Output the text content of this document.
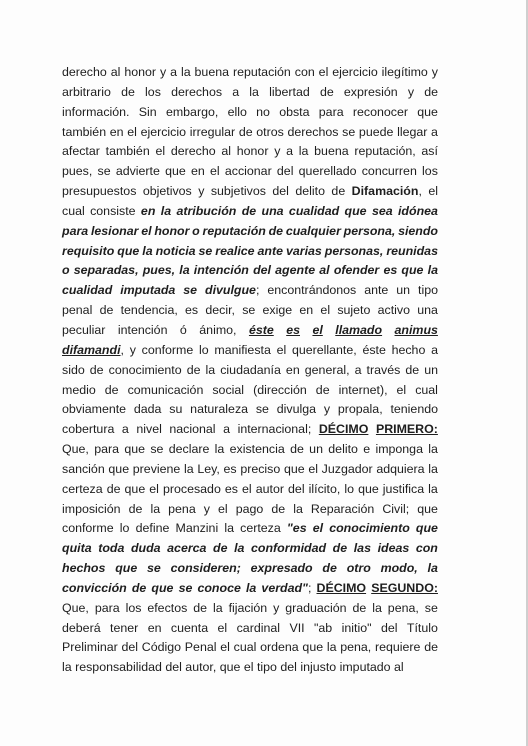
derecho al honor y a la buena reputación con el ejercicio ilegítimo y
arbitrario de los derechos a la libertad de expresión y de
información. Sin embargo, ello no obsta para reconocer que
también en el ejercicio irregular de otros derechos se puede llegar a
afectar también el derecho al honor y a la buena reputación, así
pues, se advierte que en el accionar del querellado concurren los
presupuestos objetivos y subjetivos del delito de Difamación, el
cual consiste en la atribución de una cualidad que sea idónea
para lesionar el honor o reputación de cualquier persona, siendo
requisito que la noticia se realice ante varias personas, reunidas
o separadas, pues, la intención del agente al ofender es que la
cualidad imputada se divulgue; encontrándonos ante un tipo
penal de tendencia, es decir, se exige en el sujeto activo una
peculiar intención ó ánimo, éste es el llamado animus
difamandi, y conforme lo manifiesta el querellante, éste hecho a
sido de conocimiento de la ciudadanía en general, a través de un
medio de comunicación social (dirección de internet), el cual
obviamente dada su naturaleza se divulga y propala, teniendo
cobertura a nivel nacional a internacional; DÉCIMO PRIMERO:
Que, para que se declare la existencia de un delito e imponga la
sanción que previene la Ley, es preciso que el Juzgador adquiera la
certeza de que el procesado es el autor del ilícito, lo que justifica la
imposición de la pena y el pago de la Reparación Civil; que
conforme lo define Manzini la certeza "es el conocimiento que
quita toda duda acerca de la conformidad de las ideas con
hechos que se consideren; expresado de otro modo, la
convicción de que se conoce la verdad"; DÉCIMO SEGUNDO:
Que, para los efectos de la fijación y graduación de la pena, se
deberá tener en cuenta el cardinal VII "ab initio" del Título
Preliminar del Código Penal el cual ordena que la pena, requiere de
la responsabilidad del autor, que el tipo del injusto imputado al
